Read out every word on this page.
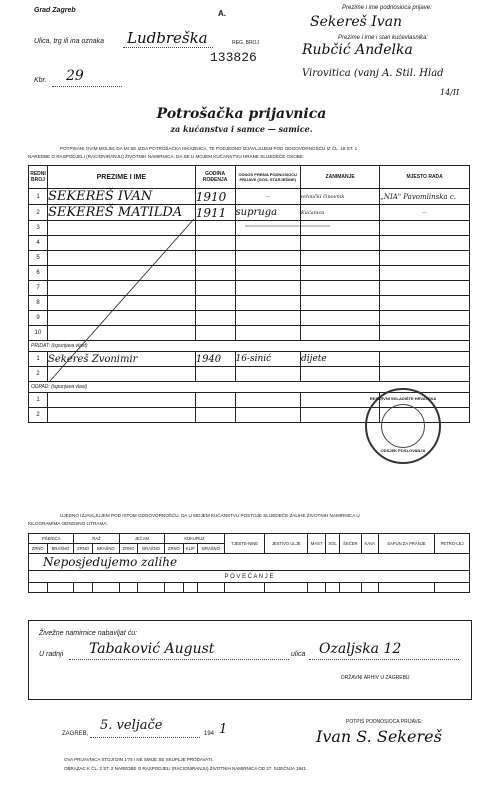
Grad Zagreb
Ulica, trg ili ina oznaka Ludbreška
Kbr. 29
A.
REG. BROJ
133826
Prezime i ime podnosioca prijave:
Sekereš Ivan
Prezime i ime i stan kućevlasnika:
Rubčić Anđelka
Virovitica (vanj A. Stil. Hlad
14/II
Potrošačka prijavnica
za kućanstva i samce — samice.
POTPISANI OVIM MOLIM, DA MI SE IZDA POTROŠAČKA ISKAZNICA, TE PODJEDNO IZJAVLJUJEM POD ODGOVORNOŠĆU IZ ČL. 18 ST. 1
NAREDBE O RASPODJELI (RACIONIRANJU) ŽIVOTNIH NAMIRNICA, DA SE U MOJEM KUĆANSTVU HRANE SLIJEDEĆE OSOBE:
REDNI BROJ	PREZIME I IME	GODINA ROĐENJA	ODNOS PREMA PODNOSIOCU PRIJAVE (GOS. STARJEŠINE)	ZANIMANJE	MJESTO RADA
1	SEKEREŠ IVAN	1910	—	tehnički činovnik	„NIA" Pavomlinska c.
2	SEKEREŠ MATILDA	1911	supruga	Kućanica	—
3					
4					
5					
6					
7					
8					
9					
10					
PRIDAT: (ispunjava vlast)					
1	Sekereš Zvonimir	1940	16-sinić	dijete	
2					
ODPAD: (ispunjava vlast)					
1					
2					
REZERVNI SKLADIŠTE HRVATSKA
ODSJEK POSLOVANJA
UJEDNO IZJAVLJUJEM POD ISTOM ODGOVORNOŠĆU, DA U MOJEM KUĆANSTVU POSTOJE SLIJEDEĆE ZALIHE ŽIVOTNIH NAMIRNICA U
KILOGRAMIMA ODNOSNO LITRAMA:
PŠENICA		RAŽ		JEČAM		KUKURUZ			TJESTE-NINE	JESTIVO ULJE	MAST	SOL	ŠEĆER	KAVA	SAPUN ZA PRANJE	PETRO-LEJ
ZRNO	BRAŠNO	ZRNO	BRAŠNO	ZRNO	BRAŠNO	ZRNO	KLIP	BRAŠNO								
Neposjedujemo zalihe																
P O V E Ć A N J E																

Živežne namirnice nabavljat ću:
U radnji Tabaković August	ulica Ozaljska 12
DRŽAVNI ARHIV U ZAGREBU
ZAGREB,
5. veljače
194 1	POTPIS PODNOSIOCA PRIJAVE:
Ivan S. Sekereš
OVA PRIJAVNICA STOJI DIN 1'75 I NE SMIJE SE SKUPLJE PRODAVATI.
OBRAZAC K ČL. 2 ST. 2 NAREDBE O RASPODJELI (RACIONIRANJU) ŽIVOTNIH NAMIRNICA OD 27. SIJEČNJA 1941.
